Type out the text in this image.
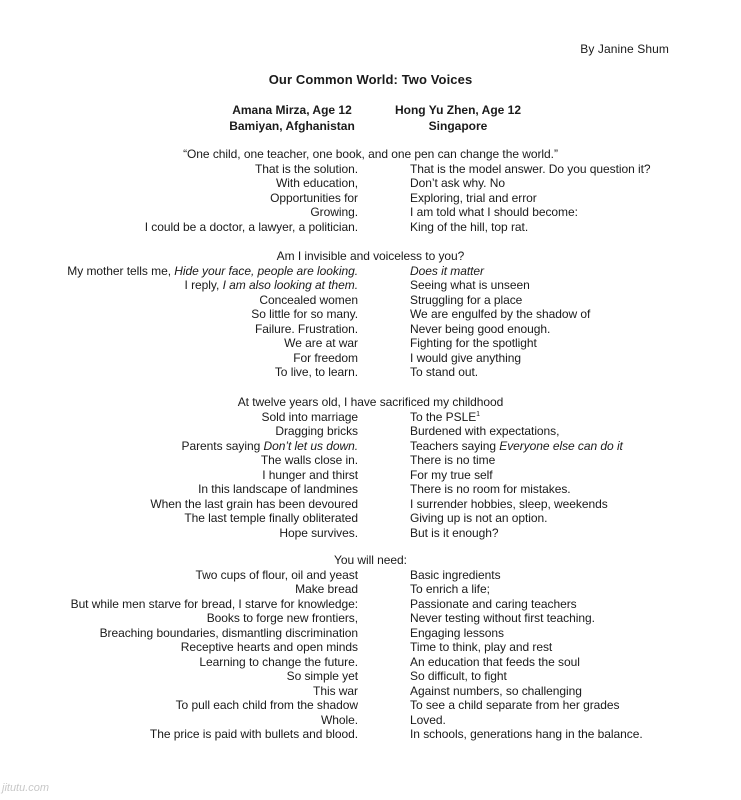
By Janine Shum
Our Common World: Two Voices
Amana Mirza, Age 12
Bamiyan, Afghanistan
Hong Yu Zhen, Age 12
Singapore
“One child, one teacher, one book, and one pen can change the world.”
That is the solution.
With education,
Opportunities for
Growing.
I could be a doctor, a lawyer, a politician.
That is the model answer. Do you question it?
Don’t ask why. No
Exploring, trial and error
I am told what I should become:
King of the hill, top rat.
Am I invisible and voiceless to you?
My mother tells me, Hide your face, people are looking.
I reply, I am also looking at them.
Concealed women
So little for so many.
Failure. Frustration.
We are at war
For freedom
To live, to learn.
Does it matter
Seeing what is unseen
Struggling for a place
We are engulfed by the shadow of
Never being good enough.
Fighting for the spotlight
I would give anything
To stand out.
At twelve years old, I have sacrificed my childhood
Sold into marriage
Dragging bricks
Parents saying Don’t let us down.
The walls close in.
I hunger and thirst
In this landscape of landmines
When the last grain has been devoured
The last temple finally obliterated
Hope survives.
To the PSLE$^1$
Burdened with expectations,
Teachers saying Everyone else can do it
There is no time
For my true self
There is no room for mistakes.
I surrender hobbies, sleep, weekends
Giving up is not an option.
But is it enough?
You will need:
Two cups of flour, oil and yeast
Make bread
But while men starve for bread, I starve for knowledge:
Books to forge new frontiers,
Breaching boundaries, dismantling discrimination
Receptive hearts and open minds
Learning to change the future.
So simple yet
This war
To pull each child from the shadow
Whole.
The price is paid with bullets and blood.
Basic ingredients
To enrich a life;
Passionate and caring teachers
Never testing without first teaching.
Engaging lessons
Time to think, play and rest
An education that feeds the soul
So difficult, to fight
Against numbers, so challenging
To see a child separate from her grades
Loved.
In schools, generations hang in the balance.
jitutu.com
